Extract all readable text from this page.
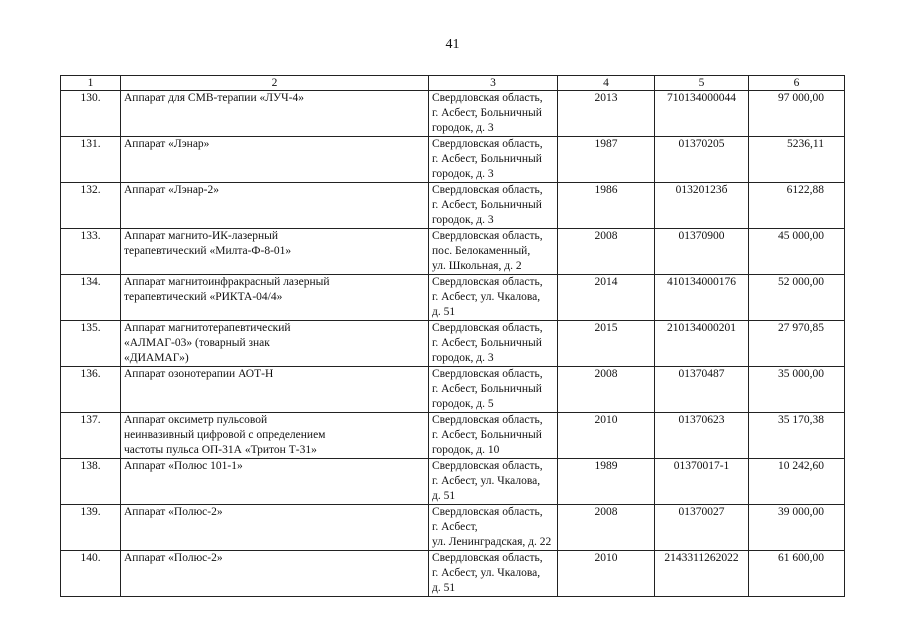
41
1	2	3	4	5	6
130.	Аппарат для СМВ-терапии «ЛУЧ-4»	Свердловская область,
г. Асбест, Больничный
городок, д. 3	2013	710134000044	97 000,00
131.	Аппарат «Лэнар»	Свердловская область,
г. Асбест, Больничный
городок, д. 3	1987	01370205	5236,11
132.	Аппарат «Лэнар-2»	Свердловская область,
г. Асбест, Больничный
городок, д. 3	1986	01320123б	6122,88
133.	Аппарат магнито-ИК-лазерный
терапевтический «Милта-Ф-8-01»	Свердловская область,
пос. Белокаменный,
ул. Школьная, д. 2	2008	01370900	45 000,00
134.	Аппарат магнитоинфракрасный лазерный
терапевтический «РИКТА-04/4»	Свердловская область,
г. Асбест, ул. Чкалова,
д. 51	2014	410134000176	52 000,00
135.	Аппарат магнитотерапевтический
«АЛМАГ-03» (товарный знак
«ДИАМАГ»)	Свердловская область,
г. Асбест, Больничный
городок, д. 3	2015	210134000201	27 970,85
136.	Аппарат озонотерапии АОТ-Н	Свердловская область,
г. Асбест, Больничный
городок, д. 5	2008	01370487	35 000,00
137.	Аппарат оксиметр пульсовой
неинвазивный цифровой с определением
частоты пульса ОП-31А «Тритон Т-31»	Свердловская область,
г. Асбест, Больничный
городок, д. 10	2010	01370623	35 170,38
138.	Аппарат «Полюс 101-1»	Свердловская область,
г. Асбест, ул. Чкалова,
д. 51	1989	01370017-1	10 242,60
139.	Аппарат «Полюс-2»	Свердловская область,
г. Асбест,
ул. Ленинградская, д. 22	2008	01370027	39 000,00
140.	Аппарат «Полюс-2»	Свердловская область,
г. Асбест, ул. Чкалова,
д. 51	2010	2143311262022	61 600,00
